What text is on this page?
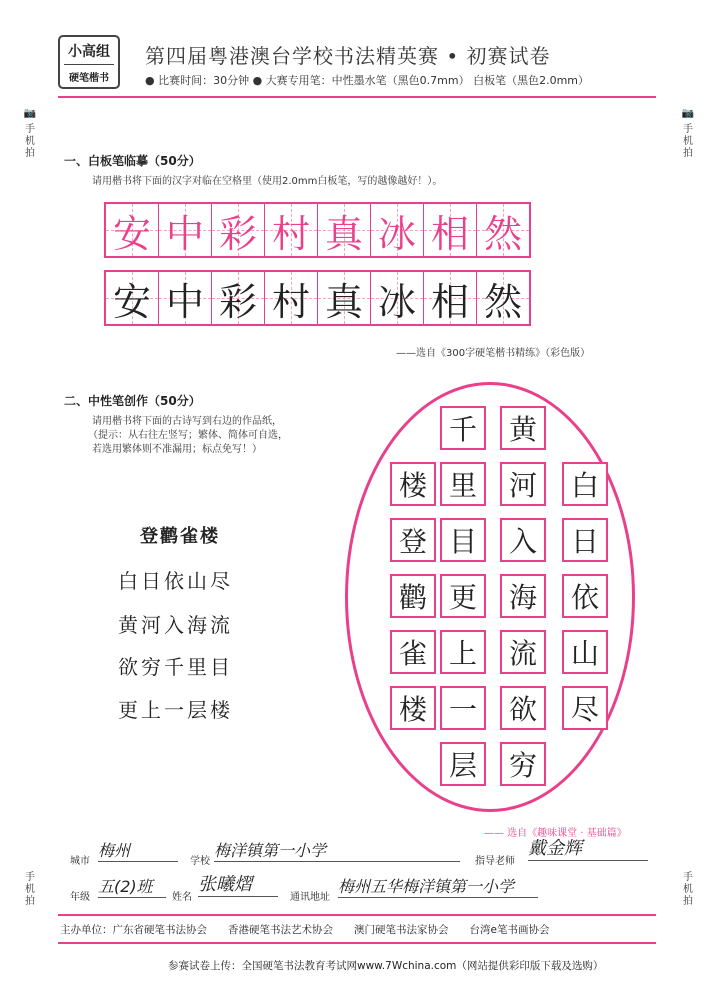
小高组
硬笔楷书
第四届粤港澳台学校书法精英赛 • 初赛试卷
● 比赛时间：30分钟 ● 大赛专用笔：中性墨水笔（黑色0.7mm） 白板笔（黑色2.0mm）
📷
手机拍
📷
手机拍
手机拍
手机拍
一、白板笔临摹（50分）
请用楷书将下面的汉字对临在空格里（使用2.0mm白板笔，写的越像越好！）。
安 中 彩 村 真 冰 相 然
安 中 彩 村 真 冰 相 然
——选自《300字硬笔楷书精练》（彩色版）
二、中性笔创作（50分）
请用楷书将下面的古诗写到右边的作品纸，
（提示：从右往左竖写；繁体、简体可自选，
若选用繁体则不准漏用；标点免写！）
登鹳雀楼
白日依山尽
黄河入海流
欲穷千里目
更上一层楼
白
日
依
山
尽
黄
河
入
海
流
欲
穷
千
里
目
更
上
一
层
楼
登
鹳
雀
楼
—— 选自《趣味课堂 · 基础篇》
城市
梅州
学校
梅洋镇第一小学
指导老师
戴金辉
年级
五(2)班
姓名
张曦熠
通讯地址
梅州五华梅洋镇第一小学
主办单位：广东省硬笔书法协会　　香港硬笔书法艺术协会　　澳门硬笔书法家协会　　台湾e笔书画协会
参赛试卷上传：全国硬笔书法教育考试网www.7Wchina.com（网站提供彩印版下载及选购）
